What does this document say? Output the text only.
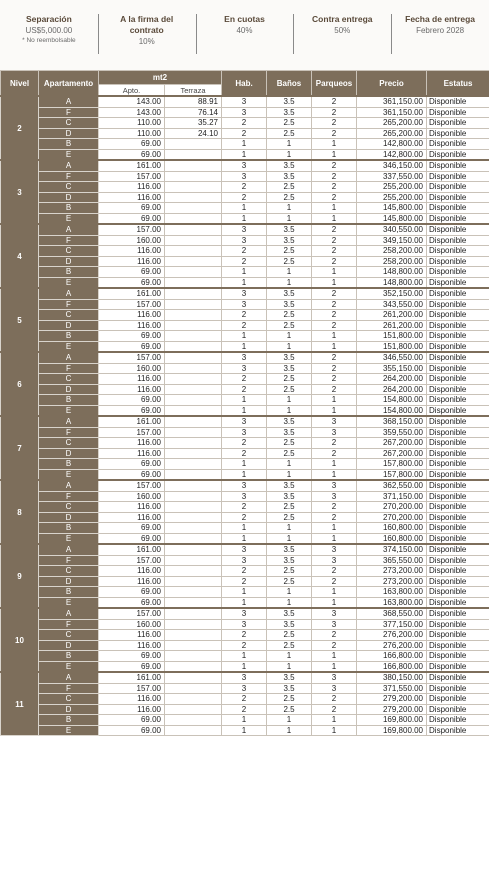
Separación
US$5,000.00
* No reembolsable
A la firma del contrato
10%
En cuotas
40%
Contra entrega
50%
Fecha de entrega
Febrero 2028
Nivel	Apartamento	mt2		Hab.	Baños	Parqueos	Precio	Estatus
		Apto.	Terraza					
2	A	143.00	88.91	3	3.5	2	361,150.00	Disponible
	F	143.00	76.14	3	3.5	2	361,150.00	Disponible
	C	110.00	35.27	2	2.5	2	265,200.00	Disponible
	D	110.00	24.10	2	2.5	2	265,200.00	Disponible
	B	69.00		1	1	1	142,800.00	Disponible
	E	69.00		1	1	1	142,800.00	Disponible
3	A	161.00		3	3.5	2	346,150.00	Disponible
	F	157.00		3	3.5	2	337,550.00	Disponible
	C	116.00		2	2.5	2	255,200.00	Disponible
	D	116.00		2	2.5	2	255,200.00	Disponible
	B	69.00		1	1	1	145,800.00	Disponible
	E	69.00		1	1	1	145,800.00	Disponible
4	A	157.00		3	3.5	2	340,550.00	Disponible
	F	160.00		3	3.5	2	349,150.00	Disponible
	C	116.00		2	2.5	2	258,200.00	Disponible
	D	116.00		2	2.5	2	258,200.00	Disponible
	B	69.00		1	1	1	148,800.00	Disponible
	E	69.00		1	1	1	148,800.00	Disponible
5	A	161.00		3	3.5	2	352,150.00	Disponible
	F	157.00		3	3.5	2	343,550.00	Disponible
	C	116.00		2	2.5	2	261,200.00	Disponible
	D	116.00		2	2.5	2	261,200.00	Disponible
	B	69.00		1	1	1	151,800.00	Disponible
	E	69.00		1	1	1	151,800.00	Disponible
6	A	157.00		3	3.5	2	346,550.00	Disponible
	F	160.00		3	3.5	2	355,150.00	Disponible
	C	116.00		2	2.5	2	264,200.00	Disponible
	D	116.00		2	2.5	2	264,200.00	Disponible
	B	69.00		1	1	1	154,800.00	Disponible
	E	69.00		1	1	1	154,800.00	Disponible
7	A	161.00		3	3.5	3	368,150.00	Disponible
	F	157.00		3	3.5	3	359,550.00	Disponible
	C	116.00		2	2.5	2	267,200.00	Disponible
	D	116.00		2	2.5	2	267,200.00	Disponible
	B	69.00		1	1	1	157,800.00	Disponible
	E	69.00		1	1	1	157,800.00	Disponible
8	A	157.00		3	3.5	3	362,550.00	Disponible
	F	160.00		3	3.5	3	371,150.00	Disponible
	C	116.00		2	2.5	2	270,200.00	Disponible
	D	116.00		2	2.5	2	270,200.00	Disponible
	B	69.00		1	1	1	160,800.00	Disponible
	E	69.00		1	1	1	160,800.00	Disponible
9	A	161.00		3	3.5	3	374,150.00	Disponible
	F	157.00		3	3.5	3	365,550.00	Disponible
	C	116.00		2	2.5	2	273,200.00	Disponible
	D	116.00		2	2.5	2	273,200.00	Disponible
	B	69.00		1	1	1	163,800.00	Disponible
	E	69.00		1	1	1	163,800.00	Disponible
10	A	157.00		3	3.5	3	368,550.00	Disponible
	F	160.00		3	3.5	3	377,150.00	Disponible
	C	116.00		2	2.5	2	276,200.00	Disponible
	D	116.00		2	2.5	2	276,200.00	Disponible
	B	69.00		1	1	1	166,800.00	Disponible
	E	69.00		1	1	1	166,800.00	Disponible
11	A	161.00		3	3.5	3	380,150.00	Disponible
	F	157.00		3	3.5	3	371,550.00	Disponible
	C	116.00		2	2.5	2	279,200.00	Disponible
	D	116.00		2	2.5	2	279,200.00	Disponible
	B	69.00		1	1	1	169,800.00	Disponible
	E	69.00		1	1	1	169,800.00	Disponible
